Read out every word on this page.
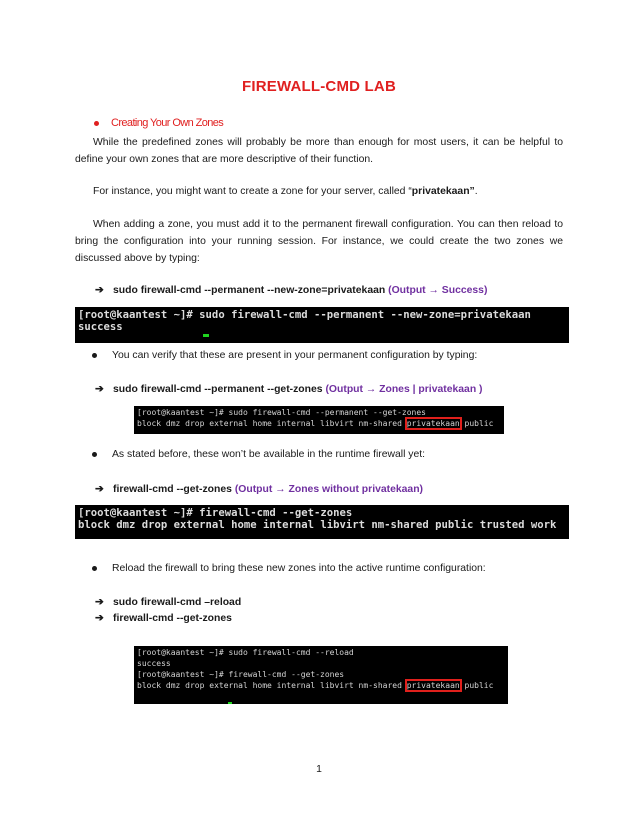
FIREWALL-CMD LAB
Creating Your Own Zones
While the predefined zones will probably be more than enough for most users, it can be helpful to define your own zones that are more descriptive of their function.
For instance, you might want to create a zone for your server, called “privatekaan”.
When adding a zone, you must add it to the permanent firewall configuration. You can then reload to bring the configuration into your running session. For instance, we could create the two zones we discussed above by typing:
➔ sudo firewall-cmd --permanent --new-zone=privatekaan (Output → Success)
[root@kaantest ~]# sudo firewall-cmd --permanent --new-zone=privatekaan
success
You can verify that these are present in your permanent configuration by typing:
➔ sudo firewall-cmd --permanent --get-zones (Output → Zones | privatekaan )
[root@kaantest ~]# sudo firewall-cmd --permanent --get-zones
block dmz drop external home internal libvirt nm-shared privatekaan public
As stated before, these won’t be available in the runtime firewall yet:
➔ firewall-cmd --get-zones (Output → Zones without privatekaan)
[root@kaantest ~]# firewall-cmd --get-zones
block dmz drop external home internal libvirt nm-shared public trusted work
Reload the firewall to bring these new zones into the active runtime configuration:
➔ sudo firewall-cmd –reload
➔ firewall-cmd --get-zones
[root@kaantest ~]# sudo firewall-cmd --reload
success
[root@kaantest ~]# firewall-cmd --get-zones
block dmz drop external home internal libvirt nm-shared privatekaan public
1
